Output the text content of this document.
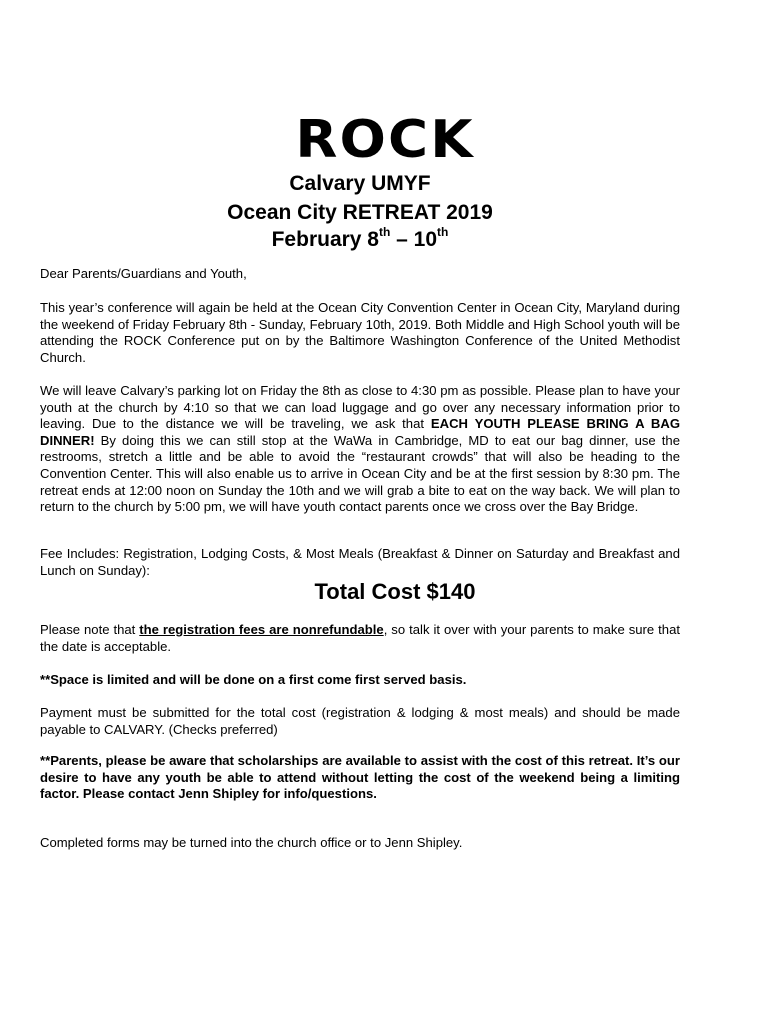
ROCK
Calvary UMYF
Ocean City RETREAT 2019
February 8th – 10th
Dear Parents/Guardians and Youth,
This year’s conference will again be held at the Ocean City Convention Center in Ocean City, Maryland during the weekend of Friday February 8th - Sunday, February 10th, 2019. Both Middle and High School youth will be attending the ROCK Conference put on by the Baltimore Washington Conference of the United Methodist Church.
We will leave Calvary’s parking lot on Friday the 8th as close to 4:30 pm as possible. Please plan to have your youth at the church by 4:10 so that we can load luggage and go over any necessary information prior to leaving. Due to the distance we will be traveling, we ask that EACH YOUTH PLEASE BRING A BAG DINNER! By doing this we can still stop at the WaWa in Cambridge, MD to eat our bag dinner, use the restrooms, stretch a little and be able to avoid the “restaurant crowds” that will also be heading to the Convention Center. This will also enable us to arrive in Ocean City and be at the first session by 8:30 pm. The retreat ends at 12:00 noon on Sunday the 10th and we will grab a bite to eat on the way back. We will plan to return to the church by 5:00 pm, we will have youth contact parents once we cross over the Bay Bridge.
Fee Includes: Registration, Lodging Costs, & Most Meals (Breakfast & Dinner on Saturday and Breakfast and Lunch on Sunday):
Total Cost $140
Please note that the registration fees are nonrefundable, so talk it over with your parents to make sure that the date is acceptable.
**Space is limited and will be done on a first come first served basis.
Payment must be submitted for the total cost (registration & lodging & most meals) and should be made payable to CALVARY. (Checks preferred)
**Parents, please be aware that scholarships are available to assist with the cost of this retreat. It’s our desire to have any youth be able to attend without letting the cost of the weekend being a limiting factor. Please contact Jenn Shipley for info/questions.
Completed forms may be turned into the church office or to Jenn Shipley.
